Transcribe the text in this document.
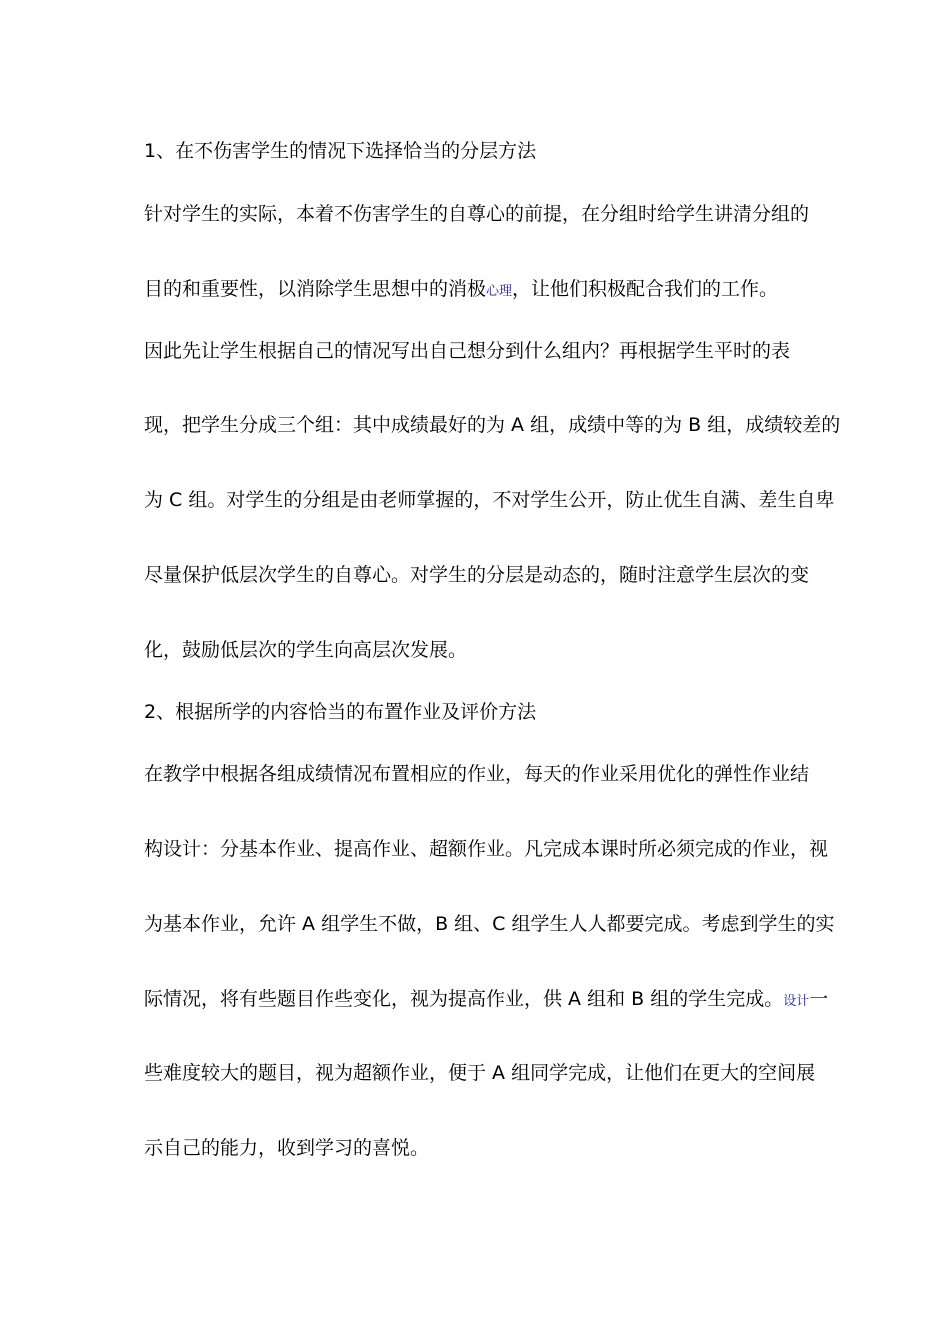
1、在不伤害学生的情况下选择恰当的分层方法
针对学生的实际，本着不伤害学生的自尊心的前提，在分组时给学生讲清分组的
目的和重要性，以消除学生思想中的消极心理，让他们积极配合我们的工作。
因此先让学生根据自己的情况写出自己想分到什么组内？再根据学生平时的表
现，把学生分成三个组：其中成绩最好的为 A 组，成绩中等的为 B 组，成绩较差的
为 C 组。对学生的分组是由老师掌握的，不对学生公开，防止优生自满、差生自卑
尽量保护低层次学生的自尊心。对学生的分层是动态的，随时注意学生层次的变
化，鼓励低层次的学生向高层次发展。
2、根据所学的内容恰当的布置作业及评价方法
在教学中根据各组成绩情况布置相应的作业，每天的作业采用优化的弹性作业结
构设计：分基本作业、提高作业、超额作业。凡完成本课时所必须完成的作业，视
为基本作业，允许 A 组学生不做，B 组、C 组学生人人都要完成。考虑到学生的实
际情况，将有些题目作些变化，视为提高作业，供 A 组和 B 组的学生完成。设计一
些难度较大的题目，视为超额作业，便于 A 组同学完成，让他们在更大的空间展
示自己的能力，收到学习的喜悦。
